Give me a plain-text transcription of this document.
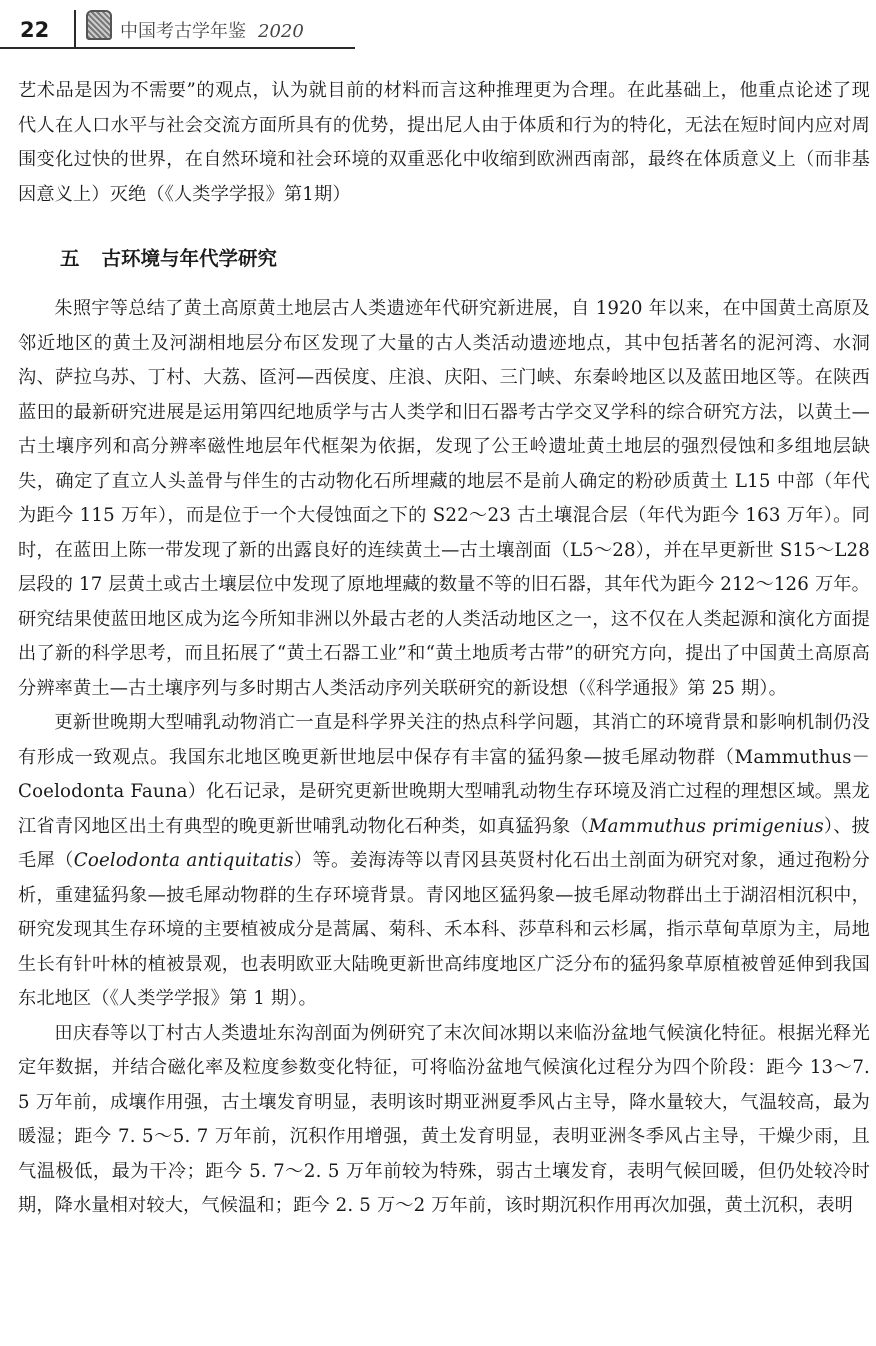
22	中国考古学年鉴 2020

艺术品是因为不需要”的观点，认为就目前的材料而言这种推理更为合理。在此基础上，他重点论述了现代人在人口水平与社会交流方面所具有的优势，提出尼人由于体质和行为的特化，无法在短时间内应对周围变化过快的世界，在自然环境和社会环境的双重恶化中收缩到欧洲西南部，最终在体质意义上（而非基因意义上）灭绝（《人类学学报》第1期）

五 古环境与年代学研究

朱照宇等总结了黄土高原黄土地层古人类遗迹年代研究新进展，自 1920 年以来，在中国黄土高原及邻近地区的黄土及河湖相地层分布区发现了大量的古人类活动遗迹地点，其中包括著名的泥河湾、水洞沟、萨拉乌苏、丁村、大荔、匼河—西侯度、庄浪、庆阳、三门峡、东秦岭地区以及蓝田地区等。在陕西蓝田的最新研究进展是运用第四纪地质学与古人类学和旧石器考古学交叉学科的综合研究方法，以黄土—古土壤序列和高分辨率磁性地层年代框架为依据，发现了公王岭遗址黄土地层的强烈侵蚀和多组地层缺失，确定了直立人头盖骨与伴生的古动物化石所埋藏的地层不是前人确定的粉砂质黄土 L15 中部（年代为距今 115 万年），而是位于一个大侵蚀面之下的 S22～23 古土壤混合层（年代为距今 163 万年）。同时，在蓝田上陈一带发现了新的出露良好的连续黄土—古土壤剖面（L5～28），并在早更新世 S15～L28 层段的 17 层黄土或古土壤层位中发现了原地埋藏的数量不等的旧石器，其年代为距今 212～126 万年。研究结果使蓝田地区成为迄今所知非洲以外最古老的人类活动地区之一，这不仅在人类起源和演化方面提出了新的科学思考，而且拓展了“黄土石器工业”和“黄土地质考古带”的研究方向，提出了中国黄土高原高分辨率黄土—古土壤序列与多时期古人类活动序列关联研究的新设想（《科学通报》第 25 期）。

更新世晚期大型哺乳动物消亡一直是科学界关注的热点科学问题，其消亡的环境背景和影响机制仍没有形成一致观点。我国东北地区晚更新世地层中保存有丰富的猛犸象—披毛犀动物群（Mammuthus－Coelodonta Fauna）化石记录，是研究更新世晚期大型哺乳动物生存环境及消亡过程的理想区域。黑龙江省青冈地区出土有典型的晚更新世哺乳动物化石种类，如真猛犸象（Mammuthus primigenius）、披毛犀（Coelodonta antiquitatis）等。姜海涛等以青冈县英贤村化石出土剖面为研究对象，通过孢粉分析，重建猛犸象—披毛犀动物群的生存环境背景。青冈地区猛犸象—披毛犀动物群出土于湖沼相沉积中，研究发现其生存环境的主要植被成分是蒿属、菊科、禾本科、莎草科和云杉属，指示草甸草原为主，局地生长有针叶林的植被景观，也表明欧亚大陆晚更新世高纬度地区广泛分布的猛犸象草原植被曾延伸到我国东北地区（《人类学学报》第 1 期）。

田庆春等以丁村古人类遗址东沟剖面为例研究了末次间冰期以来临汾盆地气候演化特征。根据光释光定年数据，并结合磁化率及粒度参数变化特征，可将临汾盆地气候演化过程分为四个阶段：距今 13～7. 5 万年前，成壤作用强，古土壤发育明显，表明该时期亚洲夏季风占主导，降水量较大，气温较高，最为暖湿；距今 7. 5～5. 7 万年前，沉积作用增强，黄土发育明显，表明亚洲冬季风占主导，干燥少雨，且气温极低，最为干冷；距今 5. 7～2. 5 万年前较为特殊，弱古土壤发育，表明气候回暖，但仍处较冷时期，降水量相对较大，气候温和；距今 2. 5 万～2 万年前，该时期沉积作用再次加强，黄土沉积，表明
